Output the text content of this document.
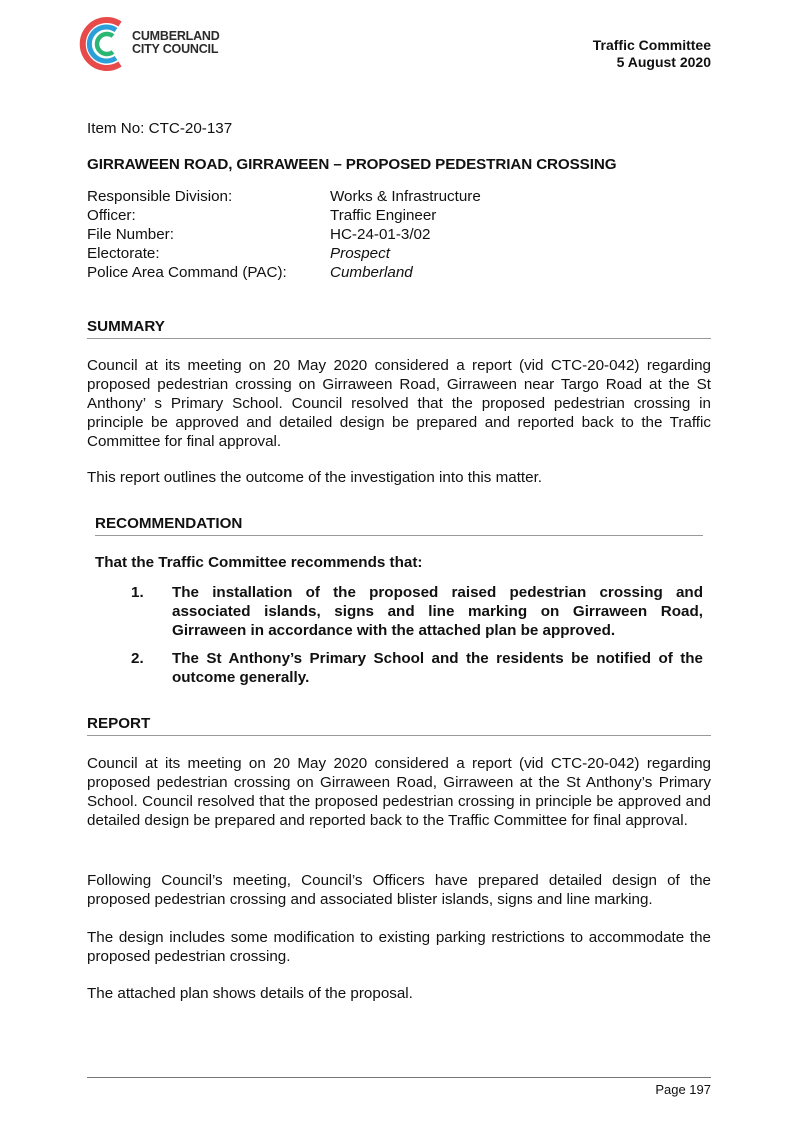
CUMBERLAND
CITY COUNCIL	Traffic Committee
5 August 2020
Item No: CTC-20-137
GIRRAWEEN ROAD, GIRRAWEEN – PROPOSED PEDESTRIAN CROSSING
Responsible Division:	Works & Infrastructure
Officer:	Traffic Engineer
File Number:	HC-24-01-3/02
Electorate:	Prospect
Police Area Command (PAC):	Cumberland
SUMMARY
Council at its meeting on 20 May 2020 considered a report (vid CTC-20-042) regarding proposed pedestrian crossing on Girraween Road, Girraween near Targo Road at the St Anthony’ s Primary School. Council resolved that the proposed pedestrian crossing in principle be approved and detailed design be prepared and reported back to the Traffic Committee for final approval.
This report outlines the outcome of the investigation into this matter.
RECOMMENDATION
That the Traffic Committee recommends that:
1. The installation of the proposed raised pedestrian crossing and associated islands, signs and line marking on Girraween Road, Girraween in accordance with the attached plan be approved.
2. The St Anthony’s Primary School and the residents be notified of the outcome generally.
REPORT
Council at its meeting on 20 May 2020 considered a report (vid CTC-20-042) regarding proposed pedestrian crossing on Girraween Road, Girraween at the St Anthony’s Primary School. Council resolved that the proposed pedestrian crossing in principle be approved and detailed design be prepared and reported back to the Traffic Committee for final approval.
Following Council’s meeting, Council’s Officers have prepared detailed design of the proposed pedestrian crossing and associated blister islands, signs and line marking.
The design includes some modification to existing parking restrictions to accommodate the proposed pedestrian crossing.
The attached plan shows details of the proposal.
Page 197
